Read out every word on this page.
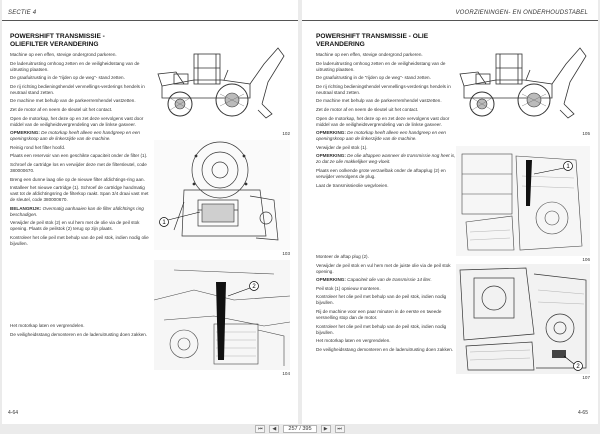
SECTIE 4
POWERSHIFT TRANSMISSIE -
OLIEFILTER VERANDERING

Machine op een effen, stevige ondergrond parkeren.

De laderuitrusting omhoog zetten en de veiligheidsstang van de uitrusting plaatsen.

De graafuitrusting in de "rijden op de weg"- stand zetten.

De rij richting bedieningshendel vervnellings-verderings hendels in neutraal stand zetten.

De machine met behulp van de parkeerremhendel vastzetten.

Zet de motor af en neem de sleutel uit het contact.

Open de motorkap, het deze op en zet deze vervolgens vast door middel van de veiligheidsvergrendeling van de linkse gasveer.

OPMERKING: De motorkap heeft alleen een handgreep en een openingsknop aan de linkerzijde van de machine.

Reinig rond het filter hoofd.

Plaats een reservoir van een geschikte capaciteit onder de filter (1).

Schroef de cartridge los en verwijder deze met de filtersleutel, code 380000670.

Breng een dunne laag olie op de nieuwe filter afdichtings-ring aan.

Installeer het nieuwe cartridge (1). Schroef de cartridge handmatig vast tot de afdichtingsring de filterkop raakt. Span 3/4 draai vast met de sleutel, code 380000670.

BELANGRIJK: Overmatig aanhaaien kan de filter afdichtings ring beschadigen.

Verwijder de peil stok (2) en vul hem met de olie via de peil stok opening. Plaats de peilstok (2) terug op zijn plaats.

Kontroleer het olie peil met behulp van de peil stok, indien nodig olie bijvullen.

Het motorkap laten en vergrendelen.

De veiligheidsstang demonteren en de laderuitrusting doen zakken.

102
1
103
2
104
4-64
VOORZIENINGEN- EN ONDERHOUDSTABEL
POWERSHIFT TRANSMISSIE - OLIE
VERANDERING

Machine op een effen, stevige ondergrond parkeren.

De laderuitrusting omhoog zetten en de veiligheidsstang van de uitrusting plaatsen.

De graafuitrusting in de "rijden op de weg"- stand zetten.

De rij richting bedieningshendel vervnellings-verderings hendels in neutraal stand zetten.

De machine met behulp van de parkeerremhendel vastzetten.

Zet de motor af en neem de sleutel uit het contact.

Open de motorkap, het deze op en zet deze vervolgens vast door middel van de veiligheidsvergrendeling van de linkse gasveer.

OPMERKING: De motorkap heeft alleen een handgreep en een openingsknop aan de linkerzijde van de machine.

Verwijder de peil stok (1).

OPMERKING: De olie aftappen wanneer de transmissie nog heet is, zo dat ze olie makkelijker weg-vloeit.

Plaats een oolkende grote verzaelbak onder de aftapplug (2) en verwijder vervolgens de plug.

Laat de transmissieolie wegvloeien.

Monteer de aftap plug (2).

Verwijder de peil stok en vul hem met de juiste olie via de peil stok opening.

OPMERKING: Capaciteit olie van de transmissie 14 liter.

Peil stok (1) opnieuw monteren.

Kontroleer het olie peil met behulp van de peil stok, indien nodig bijvullen.

Rij de machine voor een paar minuten in de eerste en tweede versnelling stop dan de motor.

Kontroleer het olie peil met behulp van de peil stok, indien nodig bijvullen.

Het motorkap laten en vergrendelen.

De veiligheidsstang demonteren en de laderuitrusting doen zakken.

105
1
106
2
107
4-65
⏮	◀	257 / 395	▶	⏭
